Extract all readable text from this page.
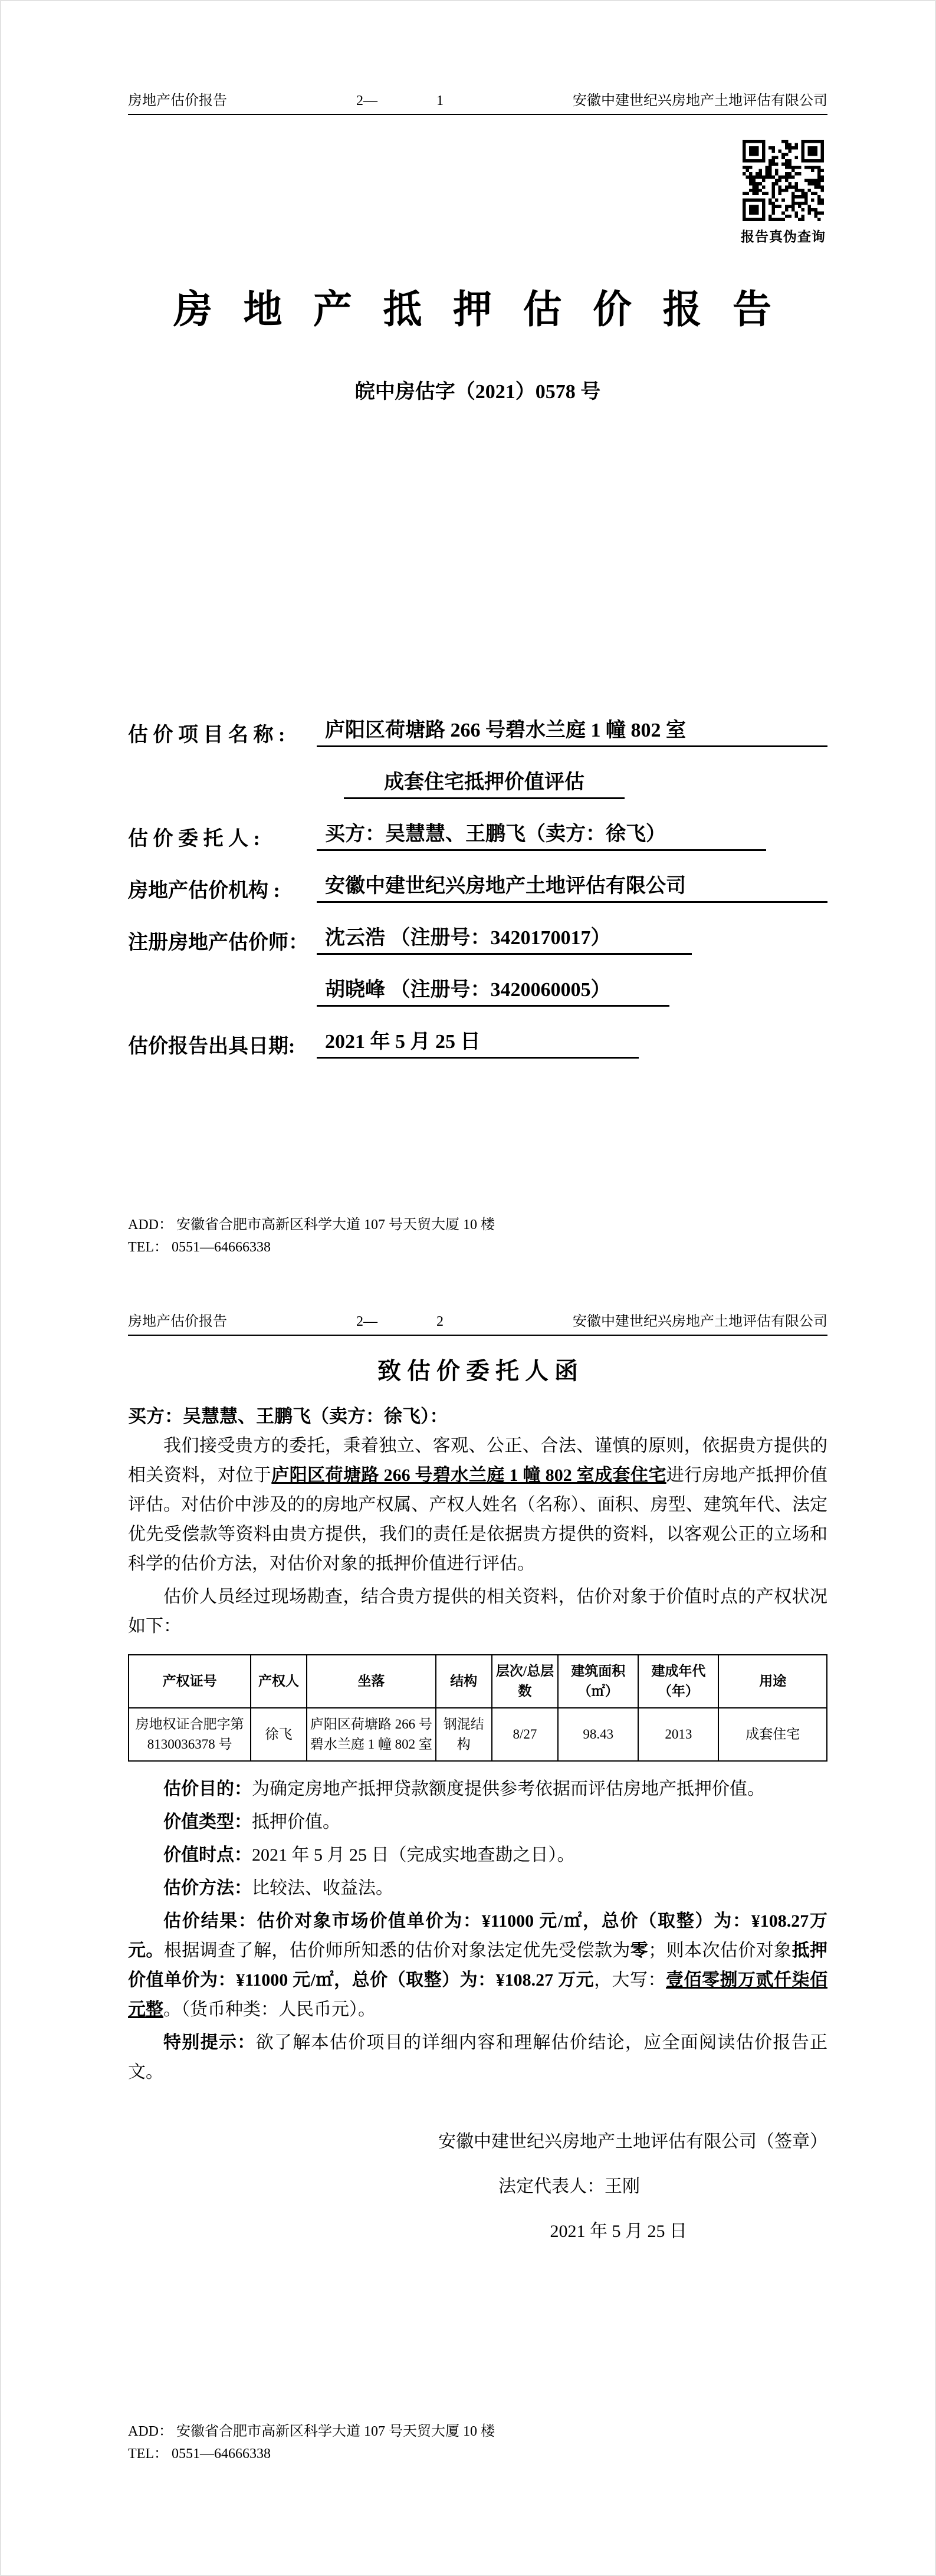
房地产估价报告	2—	1	安徽中建世纪兴房地产土地评估有限公司
报告真伪查询
房 地 产 抵 押 估 价 报 告
皖中房估字（2021）0578 号
估 价 项 目 名 称 :	庐阳区荷塘路 266 号碧水兰庭 1 幢 802 室
成套住宅抵押价值评估
估 价 委 托 人 :	买方：吴慧慧、王鹏飞（卖方：徐飞）
房地产估价机构 :	安徽中建世纪兴房地产土地评估有限公司
注册房地产估价师： 沈云浩 （注册号：3420170017）
胡晓峰 （注册号：3420060005）
估价报告出具日期:	2021 年 5 月 25 日
ADD： 安徽省合肥市高新区科学大道 107 号天贸大厦 10 楼
TEL： 0551—64666338
房地产估价报告	2—	2	安徽中建世纪兴房地产土地评估有限公司
致 估 价 委 托 人 函
买方：吴慧慧、王鹏飞（卖方：徐飞）：

我们接受贵方的委托，秉着独立、客观、公正、合法、谨慎的原则，依据贵方提供的相关资料，对位于庐阳区荷塘路 266 号碧水兰庭 1 幢 802 室成套住宅进行房地产抵押价值评估。对估价中涉及的的房地产权属、产权人姓名（名称）、面积、房型、建筑年代、法定优先受偿款等资料由贵方提供，我们的责任是依据贵方提供的资料，以客观公正的立场和科学的估价方法，对估价对象的抵押价值进行评估。

估价人员经过现场勘查，结合贵方提供的相关资料，估价对象于价值时点的产权状况如下：

产权证号	产权人	坐落	结构	层次/总层数	建筑面积（㎡）	建成年代（年）	用途
房地权证合肥字第 8130036378 号	徐飞	庐阳区荷塘路 266 号碧水兰庭 1 幢 802 室	钢混结构	8/27	98.43	2013	成套住宅

估价目的：为确定房地产抵押贷款额度提供参考依据而评估房地产抵押价值。

价值类型：抵押价值。

价值时点：2021 年 5 月 25 日（完成实地查勘之日）。

估价方法：比较法、收益法。

估价结果：估价对象市场价值单价为：¥11000 元/㎡，总价（取整）为：¥108.27万元。根据调查了解，估价师所知悉的估价对象法定优先受偿款为零；则本次估价对象抵押价值单价为：¥11000 元/㎡，总价（取整）为：¥108.27 万元，大写：壹佰零捌万贰仟柒佰元整。（货币种类：人民币元）。

特别提示：欲了解本估价项目的详细内容和理解估价结论，应全面阅读估价报告正文。

安徽中建世纪兴房地产土地评估有限公司（签章）
法定代表人：王刚
2021 年 5 月 25 日
ADD： 安徽省合肥市高新区科学大道 107 号天贸大厦 10 楼
TEL： 0551—64666338
